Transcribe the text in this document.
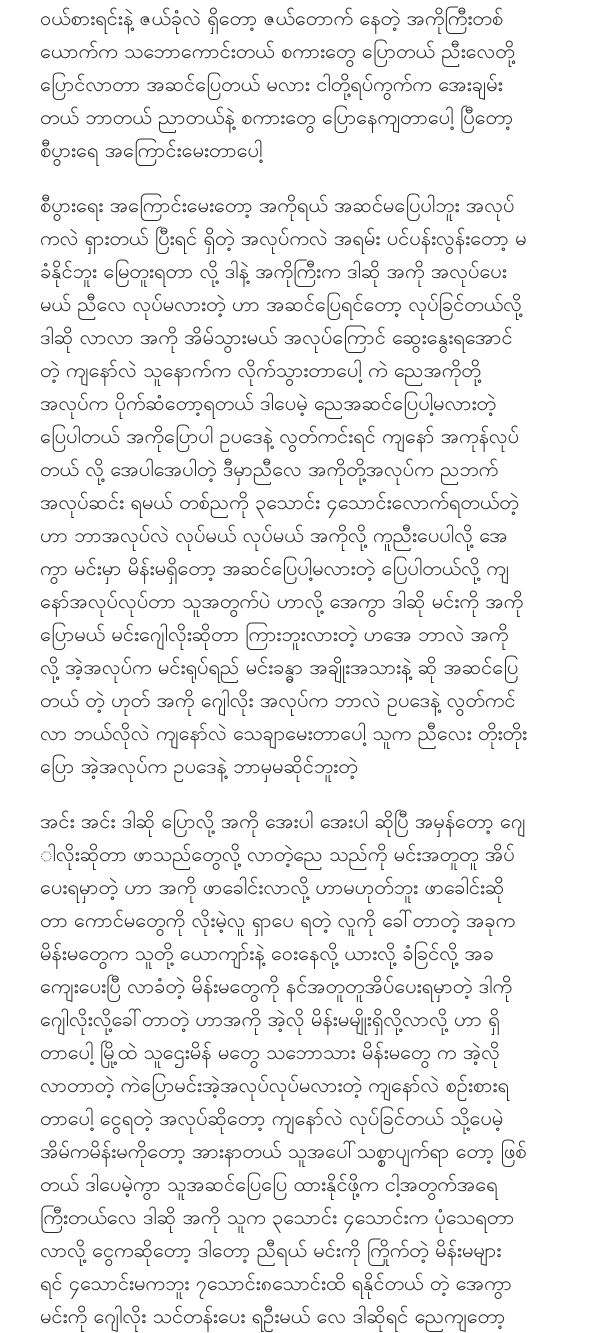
ဝယ်စားရင်းနဲ့ ဇယ်ခုံလဲ ရှိတော့ ဇယ်တောက် နေတဲ့ အကိုကြီးတစ်
ယောက်က သဘောကောင်းတယ် စကားတွေ ပြောတယ် ညီးလေတို့
ပြောင်လာတာ အဆင်ပြေတယ် မလား ငါတို့ရပ်ကွက်က အေးချမ်း
တယ် ဘာတယ် ညာတယ်နဲ့ စကားတွေ ပြောနေကျတာပေါ့ ပြီတော့
စီပွားရေ အကြောင်းမေးတာပေါ့
စီပွားရေး အကြောင်းမေးတော့ အကိုရယ် အဆင်မပြေပါဘူး အလုပ်
ကလဲ ရှားတယ် ပြီးရင် ရှိတဲ့ အလုပ်ကလဲ အရမ်း ပင်ပန်းလွန်းတော့ မ
ခံနိုင်ဘူး မြေတူးရတာ လို့ ဒါနဲ့ အကိုကြီးက ဒါဆို အကို အလုပ်ပေး
မယ် ညီလေ လုပ်မလားတဲ့ ဟာ အဆင်ပြေရင်တော့ လုပ်ခြင်တယ်လို့
ဒါဆို လာလာ အကို အိမ်သွားမယ် အလုပ်ကြောင် ဆွေးနွေးရအောင်
တဲ့ ကျနော်လဲ သူနောက်က လိုက်သွားတာပေါ့ ကဲ ညေအကိုတို့
အလုပ်က ပိုက်ဆံတော့ရတယ် ဒါပေမဲ့ ညေအဆင်ပြေပါ့မလားတဲ့
ပြေပါတယ် အကိုပြောပါ ဥပဒေနဲ့ လွတ်ကင်းရင် ကျနော် အကုန်လုပ်
တယ် လို့ အေပါအေပါတဲ့ ဒီမှာညီလေ အကိုတို့အလုပ်က ညဘက်
အလုပ်ဆင်း ရမယ် တစ်ညကို ၃သောင်း ၄သောင်းလောက်ရတယ်တဲ့
ဟာ ဘာအလုပ်လဲ လုပ်မယ် လုပ်မယ် အကိုလို့ ကူညီးပေပါလို့ အေ
ကွာ မင်းမှာ မိန်းမရှိတော့ အဆင်ပြေပါ့မလားတဲ့ ပြေပါတယ်လို့ ကျ
နော်အလုပ်လုပ်တာ သူအတွက်ပဲ ဟာလို့ အေကွာ ဒါဆို မင်းကို အကို
ပြောမယ် မင်းဂျေါလိုးဆိုတာ ကြားဘူးလားတဲ့ ဟအေ ဘာလဲ အကို
လို့ အဲ့အလုပ်က မင်းရုပ်ရည် မင်းခန္ဓာ အချိုးအသားနဲ့ ဆို အဆင်ပြေ
တယ် တဲ့ ဟုတ် အကို ဂျေါလိုး အလုပ်က ဘာလဲ ဥပဒေနဲ့ လွတ်ကင်
လာ ဘယ်လိုလဲ ကျနော်လဲ သေချာမေးတာပေါ့ သူက ညီလေး တိုးတိုး
ပြော အဲ့အလုပ်က ဥပဒေနဲ့ ဘာမှမဆိုင်ဘူးတဲ့
အင်း အင်း ဒါဆို ပြောလို့ အကို အေးပါ အေးပါ ဆိုပြီ အမှန်တော့ ဂျေ
ါလိုးဆိုတာ ဖာသည်တွေလို့ လာတဲ့ညေ သည်ကို မင်းအတူတူ အိပ်
ပေးရမှာတဲ့ ဟာ အကို ဖာခေါင်းလာလို့ ဟာမဟုတ်ဘူး ဖာခေါင်းဆို
တာ ကောင်မတွေကို လိုးမဲ့လူ ရှာပေ ရတဲ့ လူကို ခေါ်တာတဲ့ အခုက
မိန်းမတွေက သူတို့ ယောကျာ်းနဲ့ ဝေးနေလို့ ယားလို့ ခံခြင်လို့ အခ
ကျေးပေးပြီ လာခံတဲ့ မိန်းမတွေကို နင်အတူတူအိပ်ပေးရမှာတဲ့ ဒါကို
ဂျေါလိုးလို့ခေါ်တာတဲ့ ဟာအကို အဲ့လို မိန်းမမျိုးရှိလို့လာလို့ ဟာ ရှိ
တာပေါ့ မြို့ထဲ သူဌေးမိန် မတွေ သဘောသား မိန်းမတွေ က အဲ့လို
လာတာတဲ့ ကဲပြောမင်းအဲ့အလုပ်လုပ်မလားတဲ့ ကျနော်လဲ စဉ်းစားရ
တာပေါ့ ငွေရတဲ့ အလုပ်ဆိုတော့ ကျနော်လဲ လုပ်ခြင်တယ် သို့ပေမဲ့
အိမ်ကမိန်းမကိုတော့ အားနာတယ် သူအပေါ်သစ္စာပျက်ရာ တော့ ဖြစ်
တယ် ဒါပေမဲ့ကွာ သူအဆင်ပြေပြေ ထားနိုင်ဖို့က ငါ့အတွက်အရေ
ကြီးတယ်လေ ဒါဆို အကို သူက ၃သောင်း ၄သောင်းက ပုံသေရတာ
လာလို့ ငွေကဆိုတော့ ဒါတော့ ညီရယ် မင်းကို ကြိုက်တဲ့ မိန်းမများ
ရင် ၄သောင်းမကဘူး ၇သောင်း၈သောင်းထိ ရနိုင်တယ် တဲ့ အေကွာ
မင်းကို ဂျေါလိုး သင်တန်းပေး ရဦးမယ် လေ ဒါဆိုရင် ညေကျတော့
